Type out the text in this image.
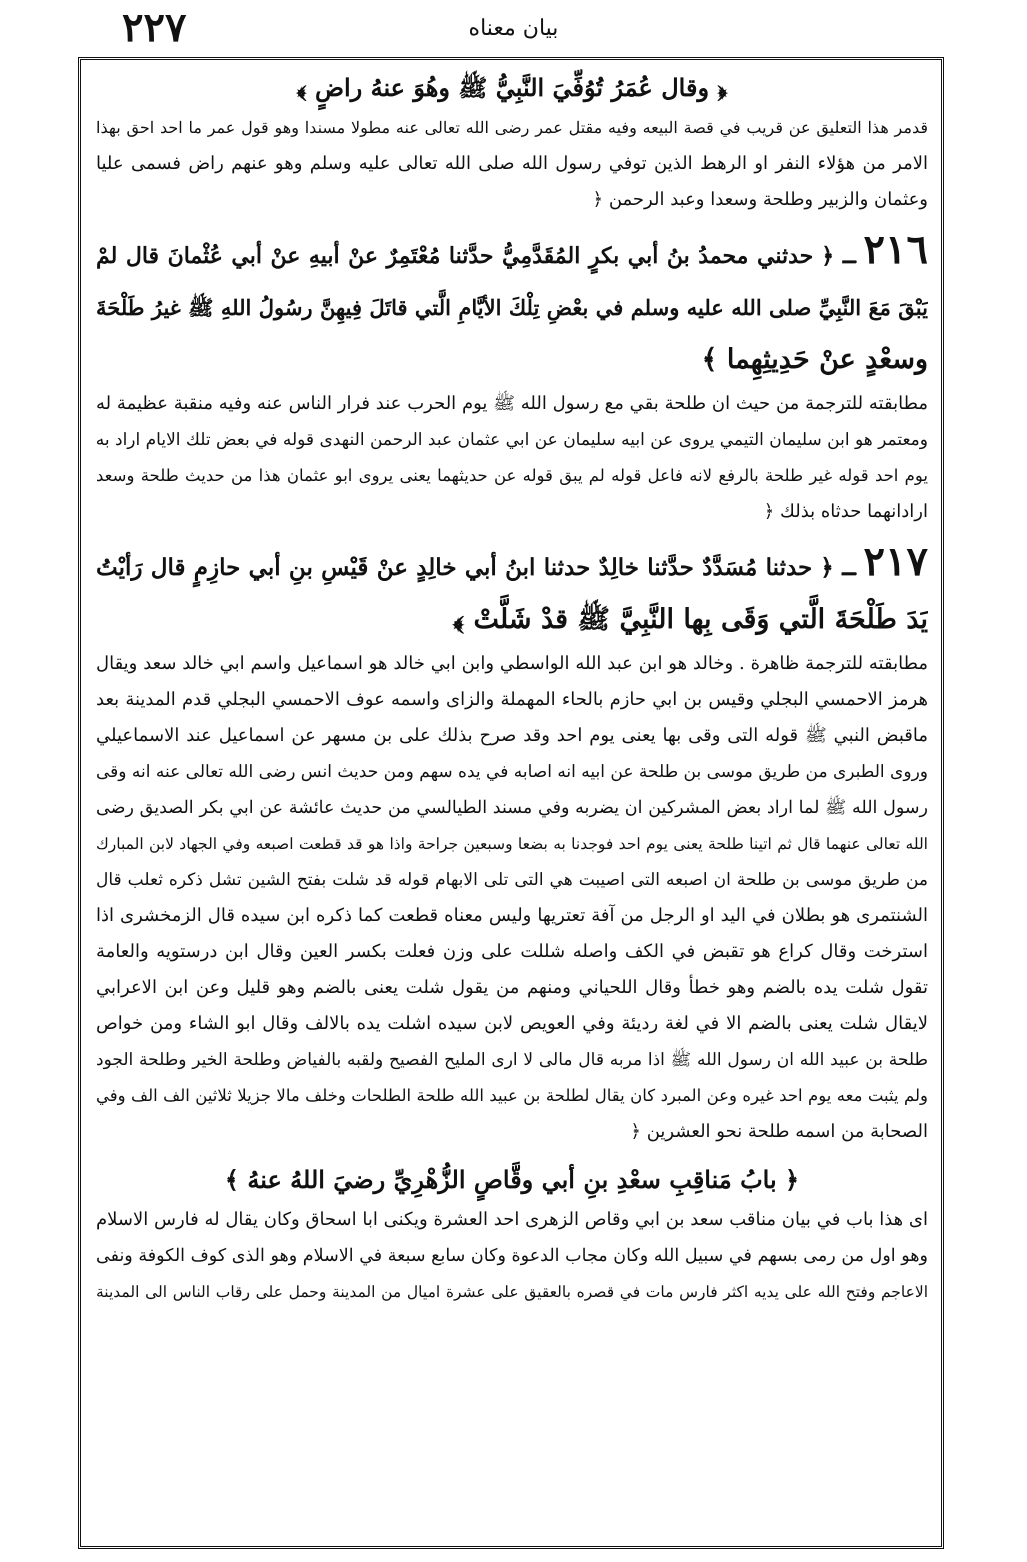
٢٢٧	بيان معناه
﴿ وقال عُمَرُ تُوُفِّيَ النَّبِيُّ ﷺ وهُوَ عنهُ راضٍ ﴾
قدمر هذا التعليق عن قريب في قصة البيعه وفيه مقتل عمر رضى الله تعالى عنه مطولا مسندا وهو قول عمر ما احد احق بهذا
الامر من هؤلاء النفر او الرهط الذين توفي رسول الله صلى الله تعالى عليه وسلم وهو عنهم راض فسمى عليا
وعثمان والزبير وطلحة وسعدا وعبد الرحمن ﴿
٢١٦ـ ﴿حدثني محمدُ بنُ أبي بكرٍ المُقَدَّمِيُّ حدَّثنا مُعْتَمِرٌ عنْ أبيهِ عنْ أبي عُثْمانَ قال لمْ
يَبْقَ مَعَ النَّبِيِّ صلى الله عليه وسلم في بعْضِ تِلْكَ الأيَّامِ الَّتي قاتَلَ فِيهِنَّ رسُولُ اللهِ ﷺ غيرُ طَلْحَةَ
وسعْدٍ عنْ حَدِيثِهِما ﴾
مطابقته للترجمة من حيث ان طلحة بقي مع رسول الله ﷺ يوم الحرب عند فرار الناس عنه وفيه منقبة عظيمة له
ومعتمر هو ابن سليمان التيمي يروى عن ابيه سليمان عن ابي عثمان عبد الرحمن النهدى قوله في بعض تلك الايام اراد به
يوم احد قوله غير طلحة بالرفع لانه فاعل قوله لم يبق قوله عن حديثهما يعنى يروى ابو عثمان هذا من حديث طلحة وسعد
ارادانهما حدثاه بذلك ﴿
٢١٧ـ ﴿حدثنا مُسَدَّدٌ حدَّثنا خالِدٌ حدثنا ابنُ أبي خالِدٍ عنْ قَيْسِ بنِ أبي حازِمٍ قال رَأيْتُ
يَدَ طَلْحَةَ الَّتي وَقَى بِها النَّبِيَّ ﷺ قدْ شَلَّتْ ﴾
مطابقته للترجمة ظاهرة . وخالد هو ابن عبد الله الواسطي وابن ابي خالد هو اسماعيل واسم ابي خالد سعد ويقال
هرمز الاحمسي البجلي وقيس بن ابي حازم بالحاء المهملة والزاى واسمه عوف الاحمسي البجلي قدم المدينة بعد
ماقبض النبي ﷺ قوله التى وقى بها يعنى يوم احد وقد صرح بذلك على بن مسهر عن اسماعيل عند الاسماعيلي
وروى الطبرى من طريق موسى بن طلحة عن ابيه انه اصابه في يده سهم ومن حديث انس رضى الله تعالى عنه انه وقى
رسول الله ﷺ لما اراد بعض المشركين ان يضربه وفي مسند الطيالسي من حديث عائشة عن ابي بكر الصديق رضى
الله تعالى عنهما قال ثم اتينا طلحة يعنى يوم احد فوجدنا به بضعا وسبعين جراحة واذا هو قد قطعت اصبعه وفي الجهاد لابن المبارك
من طريق موسى بن طلحة ان اصبعه التى اصيبت هي التى تلى الابهام قوله قد شلت بفتح الشين تشل ذكره ثعلب قال
الشنتمرى هو بطلان في اليد او الرجل من آفة تعتريها وليس معناه قطعت كما ذكره ابن سيده قال الزمخشرى اذا
استرخت وقال كراع هو تقبض في الكف واصله شللت على وزن فعلت بكسر العين وقال ابن درستويه والعامة
تقول شلت يده بالضم وهو خطأ وقال اللحياني ومنهم من يقول شلت يعنى بالضم وهو قليل وعن ابن الاعرابي
لايقال شلت يعنى بالضم الا في لغة رديئة وفي العويص لابن سيده اشلت يده بالالف وقال ابو الشاء ومن خواص
طلحة بن عبيد الله ان رسول الله ﷺ اذا مربه قال مالى لا ارى المليح الفصيح ولقبه بالفياض وطلحة الخير وطلحة الجود
ولم يثبت معه يوم احد غيره وعن المبرد كان يقال لطلحة بن عبيد الله طلحة الطلحات وخلف مالا جزيلا ثلاثين الف الف وفي
الصحابة من اسمه طلحة نحو العشرين ﴿
﴿ بابُ مَناقِبِ سعْدِ بنِ أبي وقَّاصٍ الزُّهْرِيِّ رضيَ اللهُ عنهُ ﴾
اى هذا باب في بيان مناقب سعد بن ابي وقاص الزهرى احد العشرة ويكنى ابا اسحاق وكان يقال له فارس الاسلام
وهو اول من رمى بسهم في سبيل الله وكان مجاب الدعوة وكان سابع سبعة في الاسلام وهو الذى كوف الكوفة ونفى
الاعاجم وفتح الله على يديه اكثر فارس مات في قصره بالعقيق على عشرة اميال من المدينة وحمل على رقاب الناس الى المدينة
